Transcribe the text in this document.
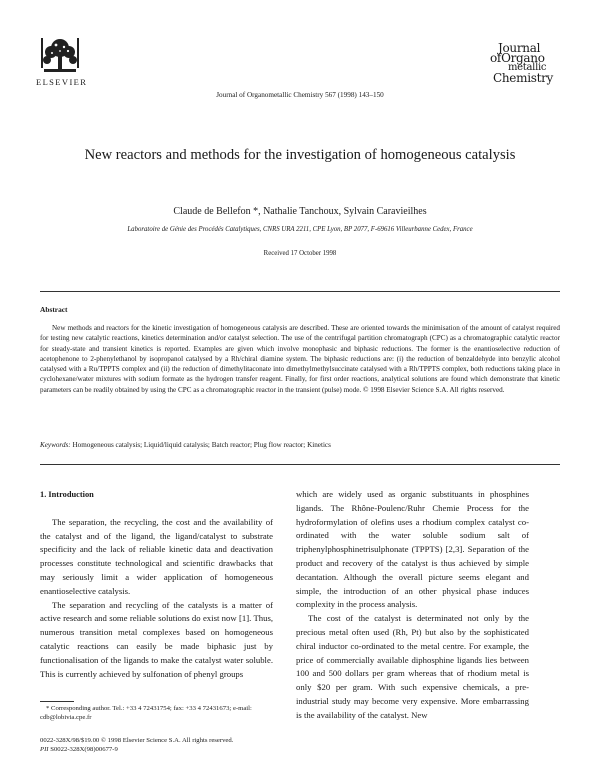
ELSEVIER
Journal of Organometallic Chemistry 567 (1998) 143–150
Journal
ofOrgano
metallic
Chemistry
New reactors and methods for the investigation of homogeneous catalysis
Claude de Bellefon *, Nathalie Tanchoux, Sylvain Caravieilhes
Laboratoire de Génie des Procédés Catalytiques, CNRS URA 2211, CPE Lyon, BP 2077, F-69616 Villeurbanne Cedex, France
Received 17 October 1998
Abstract

New methods and reactors for the kinetic investigation of homogeneous catalysis are described. These are oriented towards the minimisation of the amount of catalyst required for testing new catalytic reactions, kinetics determination and/or catalyst selection. The use of the centrifugal partition chromatograph (CPC) as a chromatographic catalytic reactor for steady-state and transient kinetics is reported. Examples are given which involve monophasic and biphasic reductions. The former is the enantioselective reduction of acetophenone to 2-phenylethanol by isopropanol catalysed by a Rh/chiral diamine system. The biphasic reductions are: (i) the reduction of benzaldehyde into benzylic alcohol catalysed with a Ru/TPPTS complex and (ii) the reduction of dimethylitaconate into dimethylmethylsuccinate catalysed with a Rh/TPPTS complex, both reductions taking place in cyclohexane/water mixtures with sodium formate as the hydrogen transfer reagent. Finally, for first order reactions, analytical solutions are found which demonstrate that kinetic parameters can be readily obtained by using the CPC as a chromatographic reactor in the transient (pulse) mode. © 1998 Elsevier Science S.A. All rights reserved.

Keywords: Homogeneous catalysis; Liquid/liquid catalysis; Batch reactor; Plug flow reactor; Kinetics

1. Introduction

The separation, the recycling, the cost and the availability of the catalyst and of the ligand, the ligand/catalyst to substrate specificity and the lack of reliable kinetic data and deactivation processes constitute technological and scientific drawbacks that may seriously limit a wider application of homogeneous enantioselective catalysis.

The separation and recycling of the catalysts is a matter of active research and some reliable solutions do exist now [1]. Thus, numerous transition metal complexes based on homogeneous catalytic reactions can easily be made biphasic just by functionalisation of the ligands to make the catalyst water soluble. This is currently achieved by sulfonation of phenyl groups

which are widely used as organic substituants in phosphines ligands. The Rhône-Poulenc/Ruhr Chemie Process for the hydroformylation of olefins uses a rhodium complex catalyst co-ordinated with the water soluble sodium salt of triphenylphosphinetrisulphonate (TPPTS) [2,3]. Separation of the product and recovery of the catalyst is thus achieved by simple decantation. Although the overall picture seems elegant and simple, the introduction of an other physical phase induces complexity in the process analysis.

The cost of the catalyst is determinated not only by the precious metal often used (Rh, Pt) but also by the sophisticated chiral inductor co-ordinated to the metal centre. For example, the price of commercially available diphosphine ligands lies between 100 and 500 dollars per gram whereas that of rhodium metal is only $20 per gram. With such expensive chemicals, a pre-industrial study may become very expensive. More embarrassing is the availability of the catalyst. New

* Corresponding author. Tel.: +33 4 72431754; fax: +33 4 72431673; e-mail: cdb@lobivia.cpe.fr
0022-328X/98/$19.00 © 1998 Elsevier Science S.A. All rights reserved.
PII S0022-328X(98)00677-9
